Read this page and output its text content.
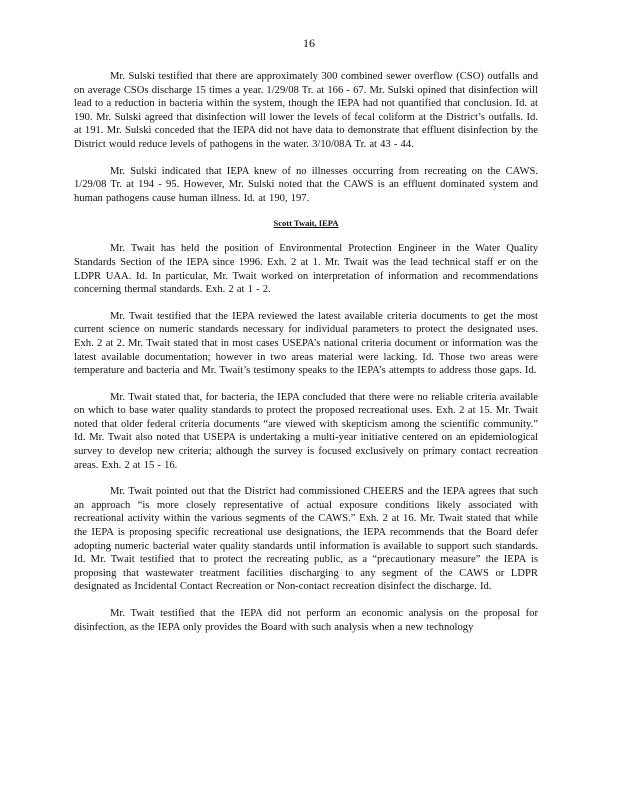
16

Mr. Sulski testified that there are approximately 300 combined sewer overflow (CSO) outfalls and on average CSOs discharge 15 times a year. 1/29/08 Tr. at 166 - 67. Mr. Sulski opined that disinfection will lead to a reduction in bacteria within the system, though the IEPA had not quantified that conclusion. Id. at 190. Mr. Sulski agreed that disinfection will lower the levels of fecal coliform at the District’s outfalls. Id. at 191. Mr. Sulski conceded that the IEPA did not have data to demonstrate that effluent disinfection by the District would reduce levels of pathogens in the water. 3/10/08A Tr. at 43 - 44.

Mr. Sulski indicated that IEPA knew of no illnesses occurring from recreating on the CAWS. 1/29/08 Tr. at 194 - 95. However, Mr. Sulski noted that the CAWS is an effluent dominated system and human pathogens cause human illness. Id. at 190, 197.

Scott Twait, IEPA

Mr. Twait has held the position of Environmental Protection Engineer in the Water Quality Standards Section of the IEPA since 1996. Exh. 2 at 1. Mr. Twait was the lead technical staff er on the LDPR UAA. Id. In particular, Mr. Twait worked on interpretation of information and recommendations concerning thermal standards. Exh. 2 at 1 - 2.

Mr. Twait testified that the IEPA reviewed the latest available criteria documents to get the most current science on numeric standards necessary for individual parameters to protect the designated uses. Exh. 2 at 2. Mr. Twait stated that in most cases USEPA’s national criteria document or information was the latest available documentation; however in two areas material were lacking. Id. Those two areas were temperature and bacteria and Mr. Twait’s testimony speaks to the IEPA’s attempts to address those gaps. Id.

Mr. Twait stated that, for bacteria, the IEPA concluded that there were no reliable criteria available on which to base water quality standards to protect the proposed recreational uses. Exh. 2 at 15. Mr. Twait noted that older federal criteria documents “are viewed with skepticism among the scientific community.” Id. Mr. Twait also noted that USEPA is undertaking a multi-year initiative centered on an epidemiological survey to develop new criteria; although the survey is focused exclusively on primary contact recreation areas. Exh. 2 at 15 - 16.

Mr. Twait pointed out that the District had commissioned CHEERS and the IEPA agrees that such an approach “is more closely representative of actual exposure conditions likely associated with recreational activity within the various segments of the CAWS.” Exh. 2 at 16. Mr. Twait stated that while the IEPA is proposing specific recreational use designations, the IEPA recommends that the Board defer adopting numeric bacterial water quality standards until information is available to support such standards. Id. Mr. Twait testified that to protect the recreating public, as a “precautionary measure” the IEPA is proposing that wastewater treatment facilities discharging to any segment of the CAWS or LDPR designated as Incidental Contact Recreation or Non-contact recreation disinfect the discharge. Id.

Mr. Twait testified that the IEPA did not perform an economic analysis on the proposal for disinfection, as the IEPA only provides the Board with such analysis when a new technology
